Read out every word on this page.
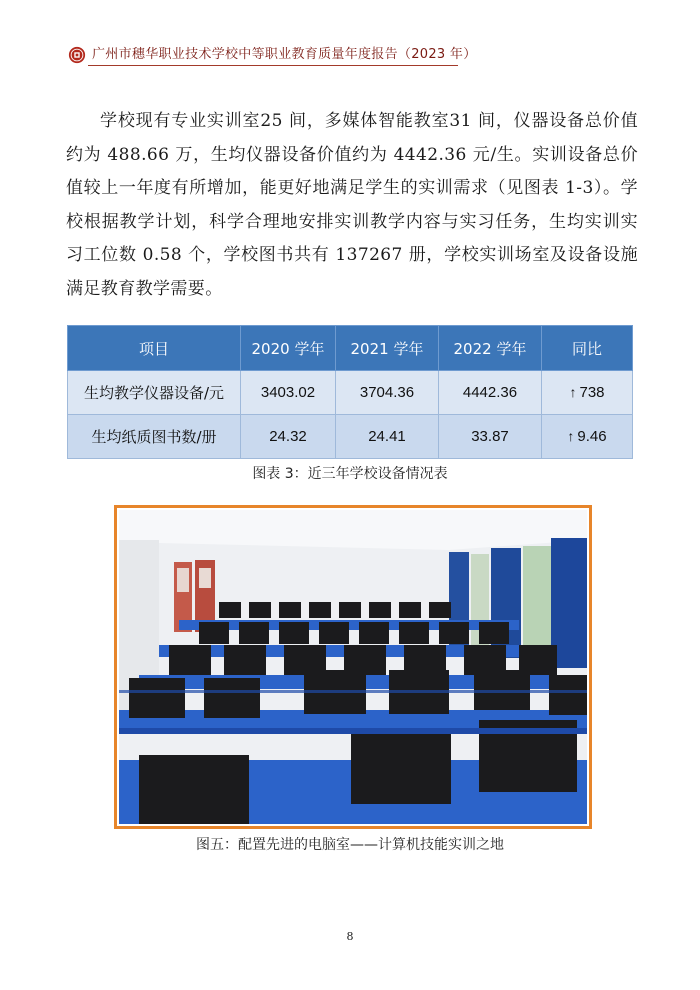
广州市穗华职业技术学校中等职业教育质量年度报告（2023 年）

学校现有专业实训室25 间，多媒体智能教室31 间，仪器设备总价值约为 488.66 万，生均仪器设备价值约为 4442.36 元/生。实训设备总价值较上一年度有所增加，能更好地满足学生的实训需求（见图表 1-3）。学校根据教学计划，科学合理地安排实训教学内容与实习任务，生均实训实习工位数 0.58 个，学校图书共有 137267 册，学校实训场室及设备设施满足教育教学需要。

项目	2020 学年	2021 学年	2022 学年	同比
生均教学仪器设备/元	3403.02	3704.36	4442.36	↑ 738
生均纸质图书数/册	24.32	24.41	33.87	↑ 9.46
图表 3：近三年学校设备情况表
图五：配置先进的电脑室——计算机技能实训之地
8
